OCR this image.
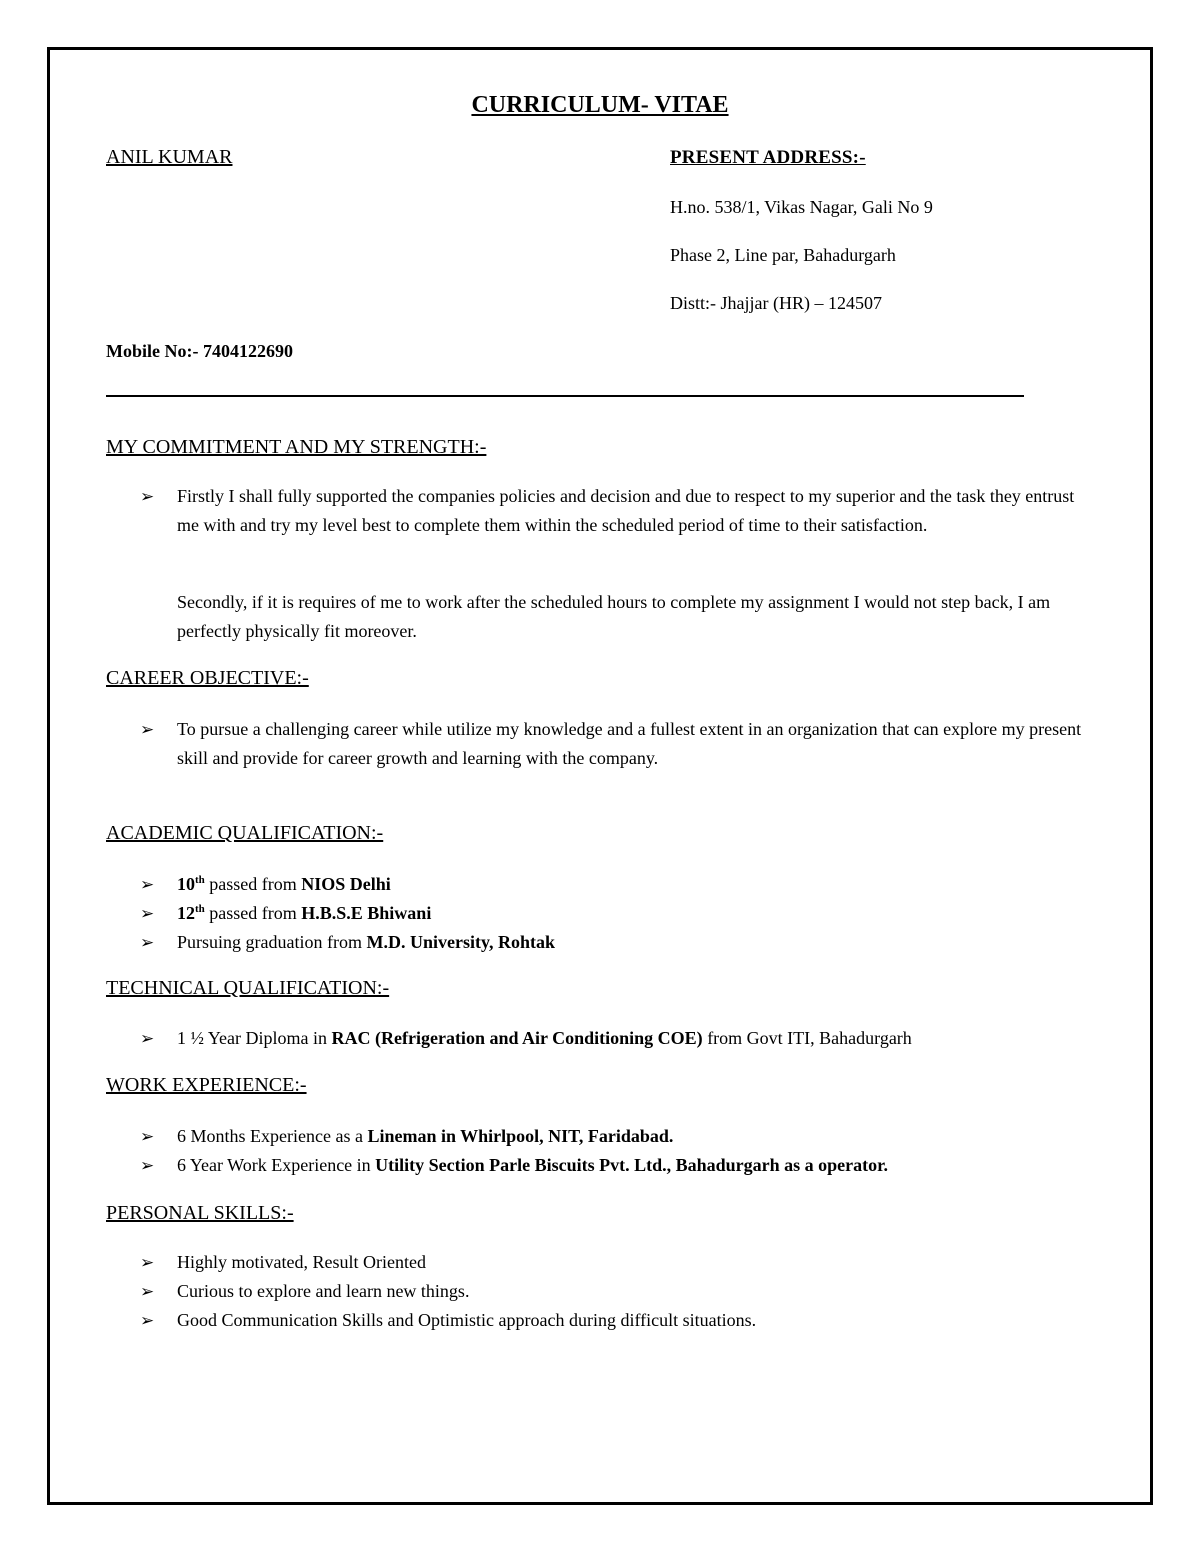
CURRICULUM- VITAE
ANIL KUMAR	PRESENT ADDRESS:-
H.no. 538/1, Vikas Nagar, Gali No 9
Phase 2, Line par, Bahadurgarh
Distt:- Jhajjar (HR) – 124507
Mobile No:- 7404122690
MY COMMITMENT AND MY STRENGTH:-
➢ Firstly I shall fully supported the companies policies and decision and due to respect to my superior and the task they entrust me with and try my level best to complete them within the scheduled period of time to their satisfaction.
Secondly, if it is requires of me to work after the scheduled hours to complete my assignment I would not step back, I am perfectly physically fit moreover.
CAREER OBJECTIVE:-
➢ To pursue a challenging career while utilize my knowledge and a fullest extent in an organization that can explore my present skill and provide for career growth and learning with the company.
ACADEMIC QUALIFICATION:-
➢ 10th passed from NIOS Delhi
➢ 12th passed from H.B.S.E Bhiwani
➢ Pursuing graduation from M.D. University, Rohtak
TECHNICAL QUALIFICATION:-
➢ 1 ½ Year Diploma in RAC (Refrigeration and Air Conditioning COE) from Govt ITI, Bahadurgarh
WORK EXPERIENCE:-
➢ 6 Months Experience as a Lineman in Whirlpool, NIT, Faridabad.
➢ 6 Year Work Experience in Utility Section Parle Biscuits Pvt. Ltd., Bahadurgarh as a operator.
PERSONAL SKILLS:-
➢ Highly motivated, Result Oriented
➢ Curious to explore and learn new things.
➢ Good Communication Skills and Optimistic approach during difficult situations.
